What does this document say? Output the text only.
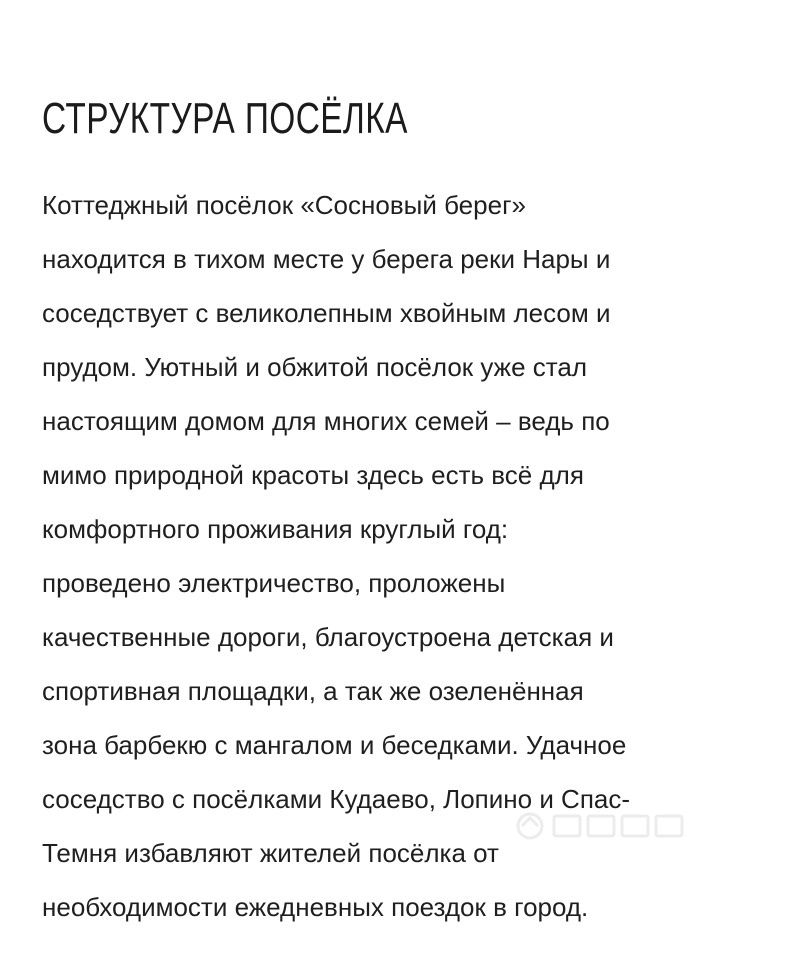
СТРУКТУРА ПОСЁЛКА
Коттеджный посёлок «Сосновый берег»
находится в тихом месте у берега реки Нары и
соседствует с великолепным хвойным лесом и
прудом. Уютный и обжитой посёлок уже стал
настоящим домом для многих семей – ведь по
мимо природной красоты здесь есть всё для
комфортного проживания круглый год:
проведено электричество, проложены
качественные дороги, благоустроена детская и
спортивная площадки, а так же озеленённая
зона барбекю с мангалом и беседками. Удачное
соседство с посёлками Кудаево, Лопино и Спас-
Темня избавляют жителей посёлка от
необходимости ежедневных поездок в город.
